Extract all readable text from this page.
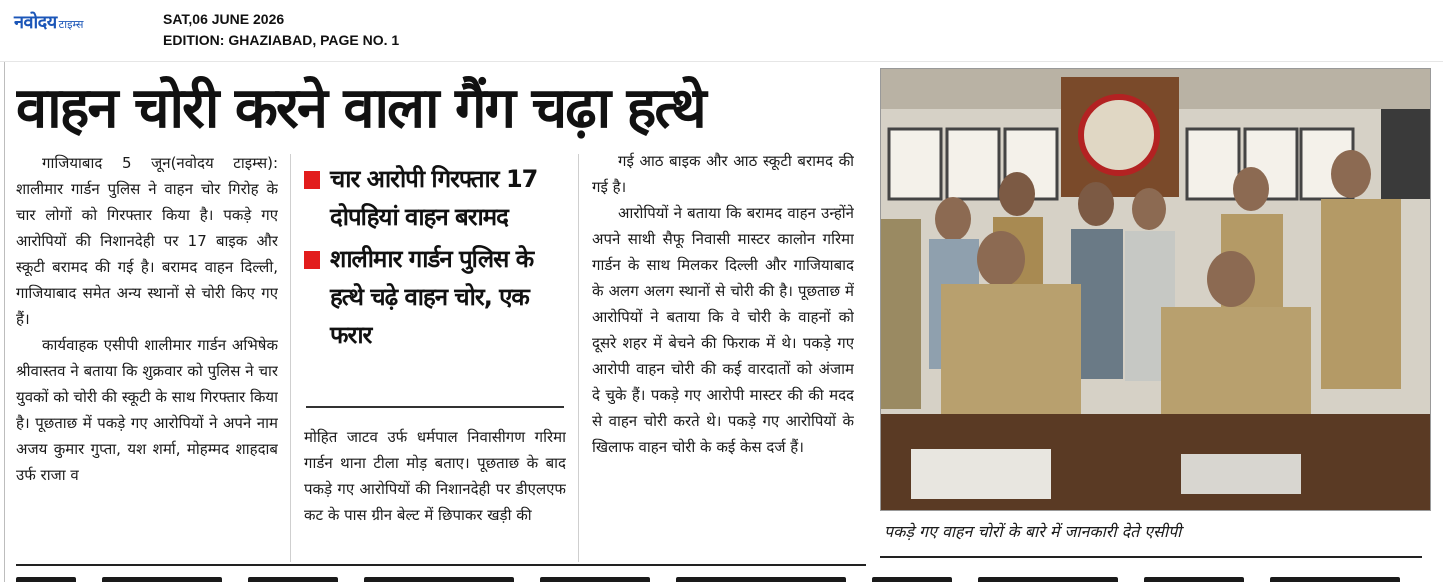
नवोदय टाइम्स	SAT,06 JUNE 2026
EDITION: GHAZIABAD, PAGE NO. 1
वाहन चोरी करने वाला गैंग चढ़ा हत्थे

गाजियाबाद 5 जून(नवोदय टाइम्स): शालीमार गार्डन पुलिस ने वाहन चोर गिरोह के चार लोगों को गिरफ्तार किया है। पकड़े गए आरोपियों की निशानदेही पर 17 बाइक और स्कूटी बरामद की गई है। बरामद वाहन दिल्ली, गाजियाबाद समेत अन्य स्थानों से चोरी किए गए हैं।

कार्यवाहक एसीपी शालीमार गार्डन अभिषेक श्रीवास्तव ने बताया कि शुक्रवार को पुलिस ने चार युवकों को चोरी की स्कूटी के साथ गिरफ्तार किया है। पूछताछ में पकड़े गए आरोपियों ने अपने नाम अजय कुमार गुप्ता, यश शर्मा, मोहम्मद शाहदाब उर्फ राजा व

चार आरोपी गिरफ्तार 17 दोपहियां वाहन बरामद
शालीमार गार्डन पुलिस के हत्थे चढ़े वाहन चोर, एक फरार

मोहित जाटव उर्फ धर्मपाल निवासीगण गरिमा गार्डन थाना टीला मोड़ बताए। पूछताछ के बाद पकड़े गए आरोपियों की निशानदेही पर डीएलएफ कट के पास ग्रीन बेल्ट में छिपाकर खड़ी की

गई आठ बाइक और आठ स्कूटी बरामद की गई है।

आरोपियों ने बताया कि बरामद वाहन उन्होंने अपने साथी सैफू निवासी मास्टर कालोन गरिमा गार्डन के साथ मिलकर दिल्ली और गाजियाबाद के अलग अलग स्थानों से चोरी की है। पूछताछ में आरोपियों ने बताया कि वे चोरी के वाहनों को दूसरे शहर में बेचने की फिराक में थे। पकड़े गए आरोपी वाहन चोरी की कई वारदातों को अंजाम दे चुके हैं। पकड़े गए आरोपी मास्टर की की मदद से वाहन चोरी करते थे। पकड़े गए आरोपियों के खिलाफ वाहन चोरी के कई केस दर्ज हैं।

पकड़े गए वाहन चोरों के बारे में जानकारी देते एसीपी
